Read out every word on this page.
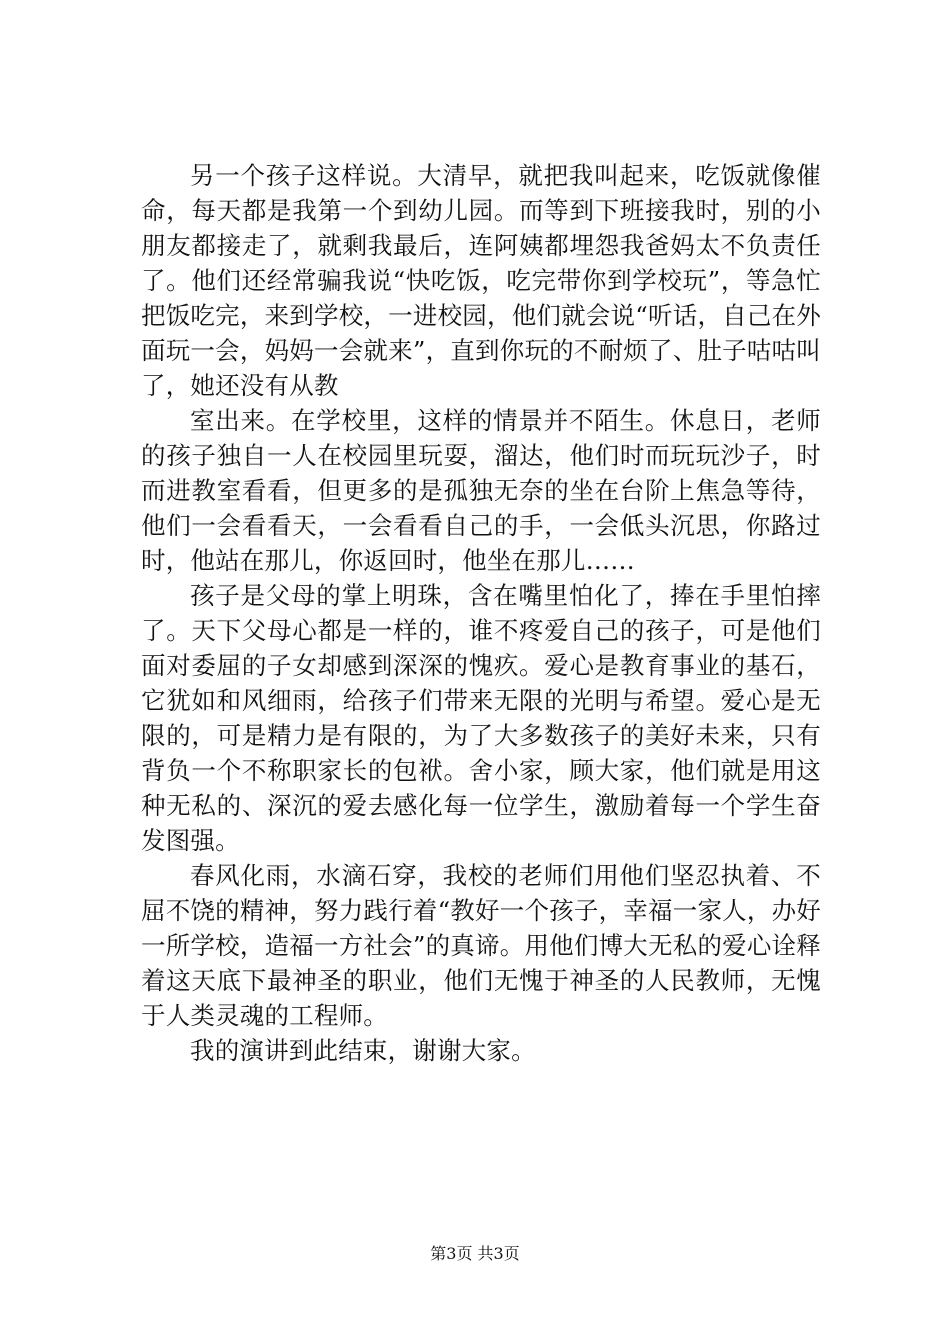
另一个孩子这样说。大清早，就把我叫起来，吃饭就像催命，每天都是我第一个到幼儿园。而等到下班接我时，别的小朋友都接走了，就剩我最后，连阿姨都埋怨我爸妈太不负责任了。他们还经常骗我说“快吃饭，吃完带你到学校玩”，等急忙把饭吃完，来到学校，一进校园，他们就会说“听话，自己在外面玩一会，妈妈一会就来”，直到你玩的不耐烦了、肚子咕咕叫了，她还没有从教

室出来。在学校里，这样的情景并不陌生。休息日，老师的孩子独自一人在校园里玩耍，溜达，他们时而玩玩沙子，时而进教室看看，但更多的是孤独无奈的坐在台阶上焦急等待，他们一会看看天，一会看看自己的手，一会低头沉思，你路过时，他站在那儿，你返回时，他坐在那儿……

孩子是父母的掌上明珠，含在嘴里怕化了，捧在手里怕摔了。天下父母心都是一样的，谁不疼爱自己的孩子，可是他们面对委屈的子女却感到深深的愧疚。爱心是教育事业的基石，它犹如和风细雨，给孩子们带来无限的光明与希望。爱心是无限的，可是精力是有限的，为了大多数孩子的美好未来，只有背负一个不称职家长的包袱。舍小家，顾大家，他们就是用这种无私的、深沉的爱去感化每一位学生，激励着每一个学生奋发图强。

春风化雨，水滴石穿，我校的老师们用他们坚忍执着、不屈不饶的精神，努力践行着“教好一个孩子，幸福一家人，办好一所学校，造福一方社会”的真谛。用他们博大无私的爱心诠释着这天底下最神圣的职业，他们无愧于神圣的人民教师，无愧于人类灵魂的工程师。

我的演讲到此结束，谢谢大家。

第3页 共3页
